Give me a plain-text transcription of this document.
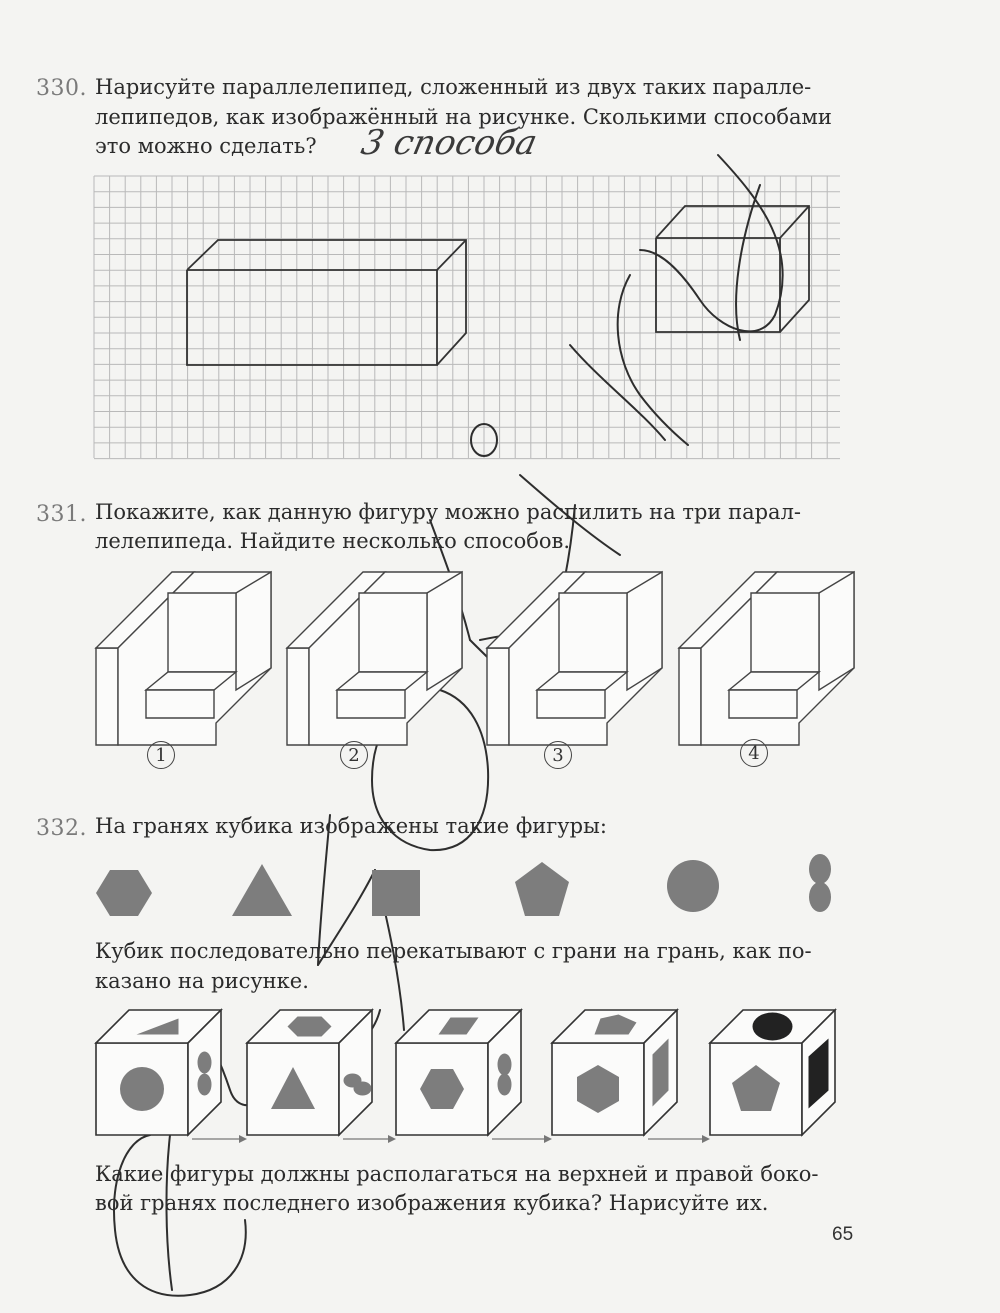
330. Нарисуйте параллелепипед, сложенный из двух таких паралле-
лепипедов, как изображённый на рисунке. Сколькими способами
это можно сделать? 3 способа
331. Покажите, как данную фигуру можно распилить на три парал-
лелепипеда. Найдите несколько способов.
1	2	3	4
332. На гранях кубика изображены такие фигуры:
Кубик последовательно перекатывают с грани на грань, как по-
казано на рисунке.
Какие фигуры должны располагаться на верхней и правой боко-
вой гранях последнего изображения кубика? Нарисуйте их.
65
